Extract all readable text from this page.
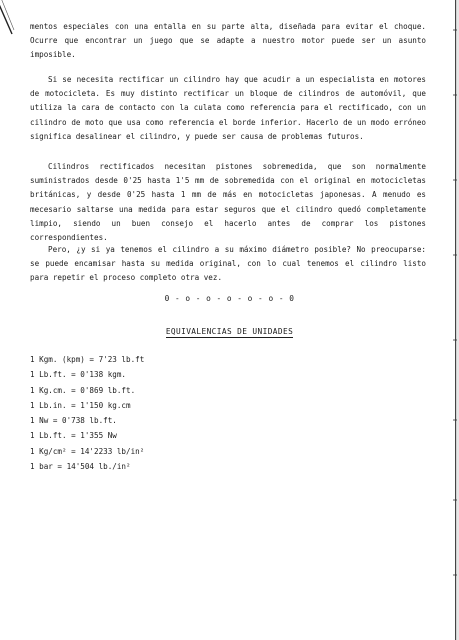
mentos especiales con una entalla en su parte alta, diseñada para evitar el choque. Ocurre que encontrar un juego que se adapte a nuestro motor puede ser un asunto imposible.

Si se necesita rectificar un cilindro hay que acudir a un especialista en motores de motocicleta. Es muy distinto rectificar un bloque de cilindros de automóvil, que utiliza la cara de contacto con la culata como referencia para el rectificado, con un cilindro de moto que usa como referencia el borde inferior. Hacerlo de un modo erróneo significa desalinear el cilindro, y puede ser causa de problemas futuros.

Cilindros rectificados necesitan pistones sobremedida, que son normalmente suministrados desde 0'25 hasta 1'5 mm de sobremedida con el original en motocicletas británicas, y desde 0'25 hasta 1 mm de más en motocicletas japonesas. A menudo es mecesario saltarse una medida para estar seguros que el cilindro quedó completamente limpio, siendo un buen consejo el hacerlo antes de comprar los pistones correspondientes.

Pero, ¿y si ya tenemos el cilindro a su máximo diámetro posible? No preocuparse: se puede encamisar hasta su medida original, con lo cual tenemos el cilindro listo para repetir el proceso completo otra vez.

0 - o - o - o - o - o - 0
EQUIVALENCIAS DE UNIDADES
1 Kgm. (kpm) = 7'23 lb.ft
1 Lb.ft. = 0'138 kgm.
1 Kg.cm. = 0'869 lb.ft.
1 Lb.in. = 1'150 kg.cm
1 Nw = 0'738 lb.ft.
1 Lb.ft. = 1'355 Nw
1 Kg/cm² = 14'2233 lb/in²
1 bar = 14'504 lb./in²
